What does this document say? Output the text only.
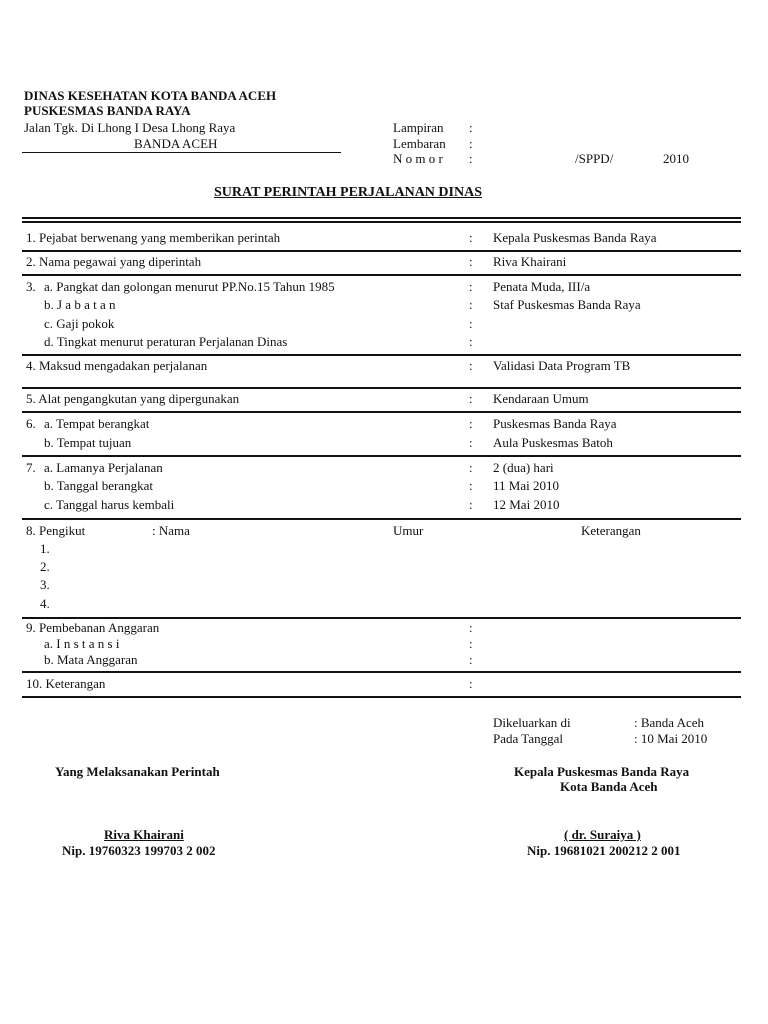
DINAS KESEHATAN KOTA BANDA ACEH
PUSKESMAS BANDA RAYA
Jalan Tgk. Di Lhong I Desa Lhong Raya
BANDA ACEH
Lampiran :
Lembaran :
N o m o r :	/SPPD/	2010
SURAT PERINTAH PERJALANAN DINAS
1. Pejabat berwenang yang memberikan perintah	: Kepala Puskesmas Banda Raya
2. Nama pegawai yang diperintah	: Riva Khairani
3. a. Pangkat dan golongan menurut PP.No.15 Tahun 1985	: Penata Muda, III/a
b. J a b a t a n	: Staf Puskesmas Banda Raya
c. Gaji pokok	:
d. Tingkat menurut peraturan Perjalanan Dinas	:
4. Maksud mengadakan perjalanan	: Validasi Data Program TB
5. Alat pengangkutan yang dipergunakan	: Kendaraan Umum
6. a. Tempat berangkat	: Puskesmas Banda Raya
b. Tempat tujuan	: Aula Puskesmas Batoh
7. a. Lamanya Perjalanan	: 2 (dua) hari
b. Tanggal berangkat	: 11 Mai 2010
c. Tanggal harus kembali	: 12 Mai 2010
8. Pengikut	: Nama	Umur	Keterangan
1.
2.
3.
4.
9. Pembebanan Anggaran	:
a. I n s t a n s i	:
b. Mata Anggaran	:
10. Keterangan	:
Dikeluarkan di	: Banda Aceh
Pada Tanggal	: 10 Mai 2010
Yang Melaksanakan Perintah	Kepala Puskesmas Banda Raya
Kota Banda Aceh
Riva Khairani	( dr. Suraiya )
Nip. 19760323 199703 2 002	Nip. 19681021 200212 2 001
